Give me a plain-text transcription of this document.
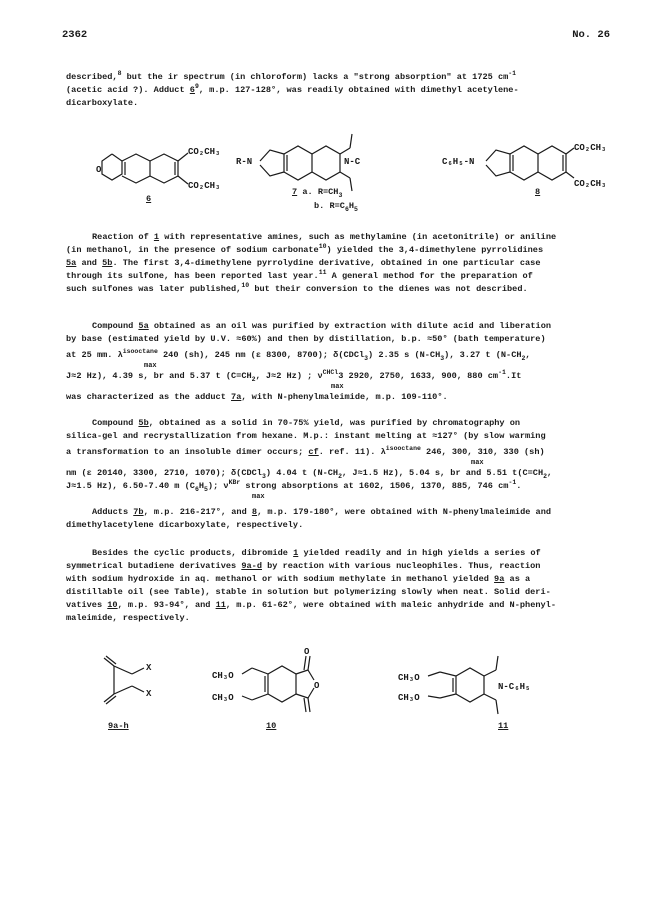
2362	No. 26
described,$^8$ but the ir spectrum (in chloroform) lacks a "strong absorption" at 1725 $cm^{-1}$
(acetic acid ?). Adduct $6^9$, m.p. 127-128°, was readily obtained with dimethyl acetylene-
dicarboxylate.
O
CO₂CH₃
CO₂CH₃
6
R-N	N-C
7 a. $R=CH_3$
b. $R=C_6H_5$
C₆H₅-N
CO₂CH₃
CO₂CH₃
8
Reaction of 1 with representative amines, such as methylamine (in acetonitrile) or aniline
(in methanol, in the presence of sodium carbonate$^{10}$) yielded the 3,4-dimethylene pyrrolidines
5a and 5b. The first 3,4-dimethylene pyrrolydine derivative, obtained in one particular case
through its sulfone, has been reported last year.$^{11}$ A general method for the preparation of
such sulfones was later published,$^{10}$ but their conversion to the dienes was not described.
Compound 5a obtained as an oil was purified by extraction with dilute acid and liberation
by base (estimated yield by U.V. ≈60%) and then by distillation, b.p. ≈50° (bath temperature)
at 25 mm. $\lambda^{isooctane}$ 240 (sh), 245 nm (ε 8300, 8700); δ(CDCl$_3$) 2.35 s $(N-CH_3)$, 3.27 t ($N-CH_2$,
max
J≈2 Hz), 4.39 s, br and 5.37 t ($C=CH_2$, J≈2 Hz) ; $\nu^{CHCl}3$ 2920, 2750, 1633, 900, 880 $cm^{-1}.It$
max
was characterized as the adduct 7a, with N-phenylmaleimide, m.p. 109-110°.
Compound 5b, obtained as a solid in 70-75% yield, was purified by chromatography on
silica-gel and recrystallization from hexane. M.p.: instant melting at ≈127° (by slow warming
a transformation to an insoluble dimer occurs; cf. ref. 11). $\lambda^{isooctane}$ 246, 300, 310, 330 (sh)
max
nm (ε 20140, 3300, 2710, 1070); δ(CDCl$_3$) 4.04 t ($N-CH_2$, J≈1.5 Hz), 5.04 s, br and 5.51 $t(C=CH_2$,
J≈1.5 Hz), 6.50-7.40 m $(C_6H_5)$; $\nu^{KBr}$ strong absorptions at 1602, 1506, 1370, 885, 746 $cm^{-1}$.
max
Adducts 7b, m.p. 216-217°, and 8, m.p. 179-180°, were obtained with N-phenylmaleimide and
dimethylacetylene dicarboxylate, respectively.
Besides the cyclic products, dibromide 1 yielded readily and in high yields a series of
symmetrical butadiene derivatives 9a-d by reaction with various nucleophiles. Thus, reaction
with sodium hydroxide in aq. methanol or with sodium methylate in methanol yielded 9a as a
distillable oil (see Table), stable in solution but polymerizing slowly when neat. Solid deri-
vatives 10, m.p. 93-94°, and 11, m.p. 61-62°, were obtained with maleic anhydride and N-phenyl-
maleimide, respectively.
X
X
9a-h
CH₃O
CH₃O
O
O
10
CH₃O
CH₃O
N-C₆H₅
11
